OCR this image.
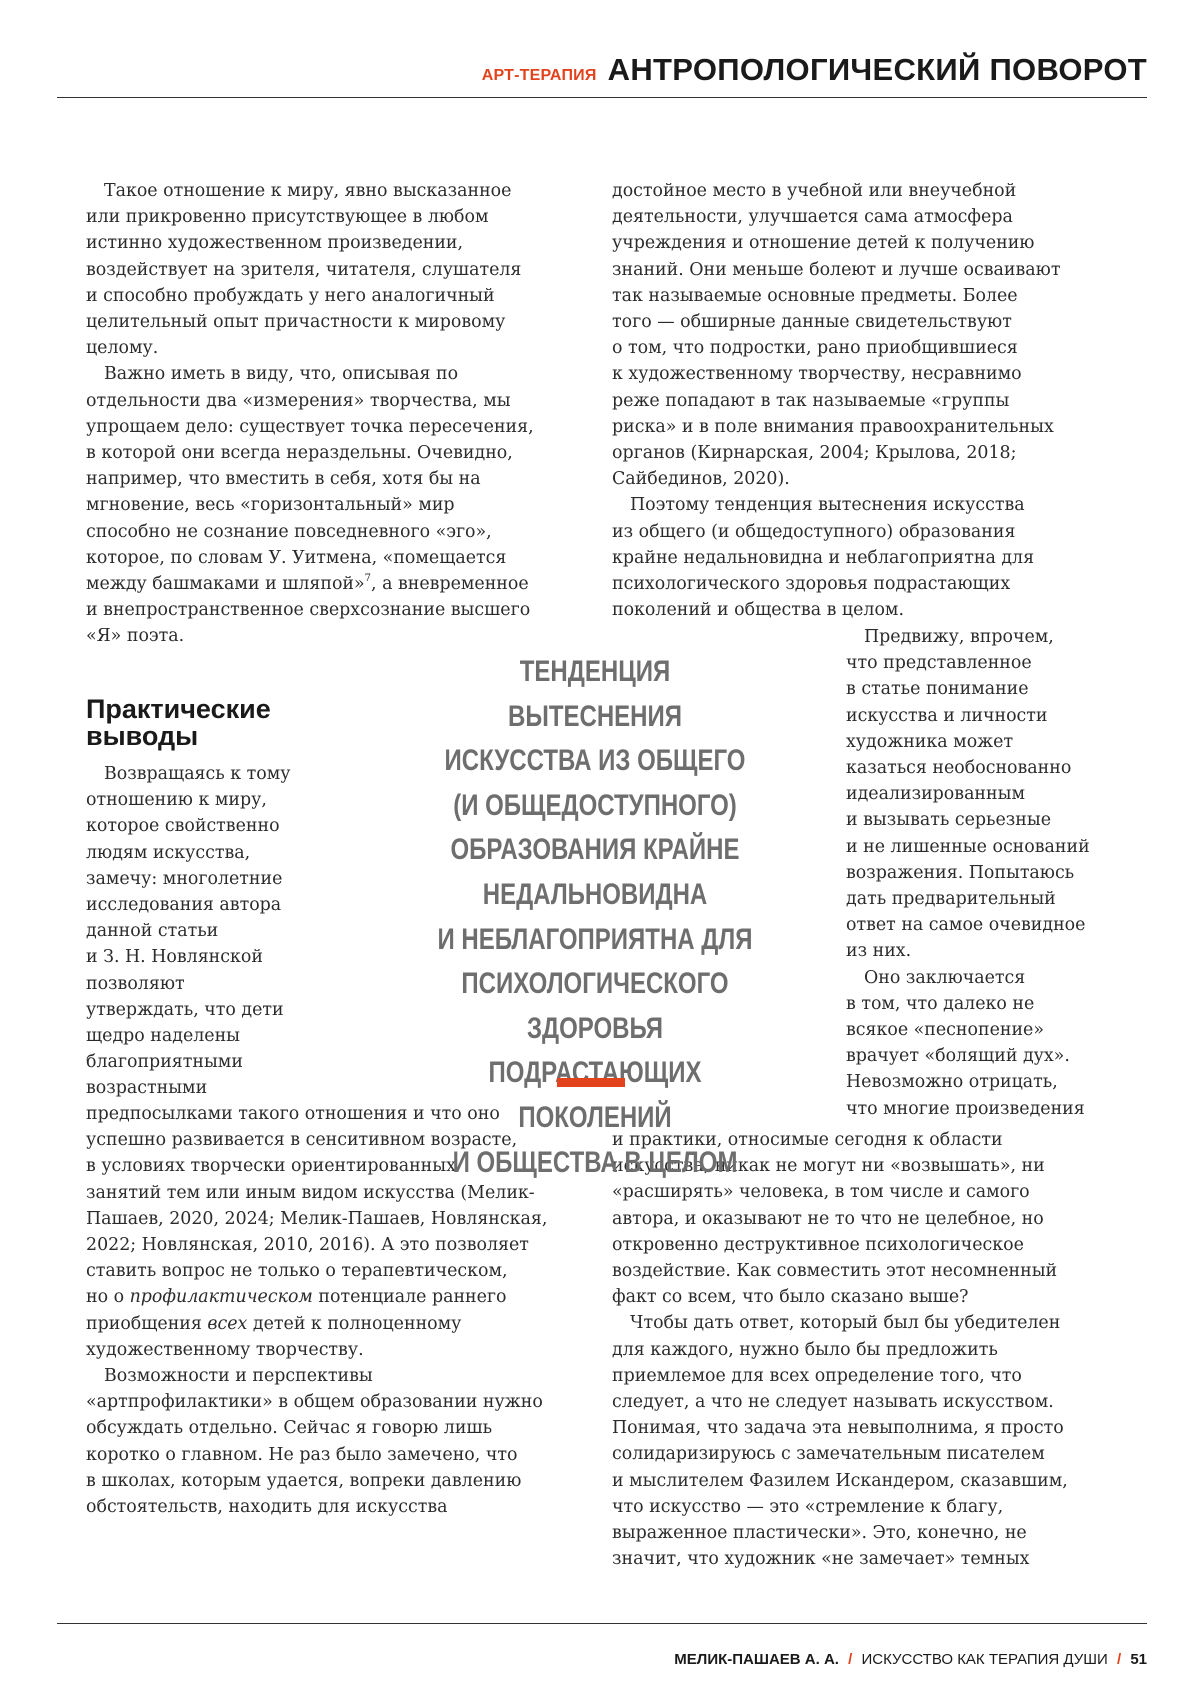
АРТ-ТЕРАПИЯ АНТРОПОЛОГИЧЕСКИЙ ПОВОРОТ

Такое отношение к миру, явно высказанное

или прикровенно присутствующее в любом

истинно художественном произведении,

воздействует на зрителя, читателя, слушателя

и способно пробуждать у него аналогичный

целительный опыт причастности к мировому

целому.

Важно иметь в виду, что, описывая по

отдельности два «измерения» творчества, мы

упрощаем дело: существует точка пересечения,

в которой они всегда нераздельны. Очевидно,

например, что вместить в себя, хотя бы на

мгновение, весь «горизонтальный» мир

способно не сознание повседневного «эго»,

которое, по словам У. Уитмена, «помещается

между башмаками и шляпой»7, а вневременное

и внепространственное сверхсознание высшего

«Я» поэта.

Практические
выводы

Возвращаясь к тому

отношению к миру,

которое свойственно

людям искусства,

замечу: многолетние

исследования автора

данной статьи

и З. Н. Новлянской

позволяют

утверждать, что дети

щедро наделены

благоприятными

возрастными

предпосылками такого отношения и что оно

успешно развивается в сенситивном возрасте,

в условиях творчески ориентированных

занятий тем или иным видом искусства (Мелик-

Пашаев, 2020, 2024; Мелик-Пашаев, Новлянская,

2022; Новлянская, 2010, 2016). А это позволяет

ставить вопрос не только о терапевтическом,

но о профилактическом потенциале раннего

приобщения всех детей к полноценному

художественному творчеству.

Возможности и перспективы

«артпрофилактики» в общем образовании нужно

обсуждать отдельно. Сейчас я говорю лишь

коротко о главном. Не раз было замечено, что

в школах, которым удается, вопреки давлению

обстоятельств, находить для искусства

достойное место в учебной или внеучебной

деятельности, улучшается сама атмосфера

учреждения и отношение детей к получению

знаний. Они меньше болеют и лучше осваивают

так называемые основные предметы. Более

того — обширные данные свидетельствуют

о том, что подростки, рано приобщившиеся

к художественному творчеству, несравнимо

реже попадают в так называемые «группы

риска» и в поле внимания правоохранительных

органов (Кирнарская, 2004; Крылова, 2018;

Сайбединов, 2020).

Поэтому тенденция вытеснения искусства

из общего (и общедоступного) образования

крайне недальновидна и неблагоприятна для

психологического здоровья подрастающих

поколений и общества в целом.

Предвижу, впрочем,

что представленное

в статье понимание

искусства и личности

художника может

казаться необоснованно

идеализированным

и вызывать серьезные

и не лишенные оснований

возражения. Попытаюсь

дать предварительный

ответ на самое очевидное

из них.

Оно заключается

в том, что далеко не

всякое «песнопение»

врачует «болящий дух».

Невозможно отрицать,

что многие произведения

и практики, относимые сегодня к области

искусства, никак не могут ни «возвышать», ни

«расширять» человека, в том числе и самого

автора, и оказывают не то что не целебное, но

откровенно деструктивное психологическое

воздействие. Как совместить этот несомненный

факт со всем, что было сказано выше?

Чтобы дать ответ, который был бы убедителен

для каждого, нужно было бы предложить

приемлемое для всех определение того, что

следует, а что не следует называть искусством.

Понимая, что задача эта невыполнима, я просто

солидаризируюсь с замечательным писателем

и мыслителем Фазилем Искандером, сказавшим,

что искусство — это «стремление к благу,

выраженное пластически». Это, конечно, не

значит, что художник «не замечает» темных

ТЕНДЕНЦИЯ ВЫТЕСНЕНИЯ
ИСКУССТВА ИЗ ОБЩЕГО
(И ОБЩЕДОСТУПНОГО)
ОБРАЗОВАНИЯ КРАЙНЕ
НЕДАЛЬНОВИДНА
И НЕБЛАГОПРИЯТНА ДЛЯ
ПСИХОЛОГИЧЕСКОГО ЗДОРОВЬЯ
ПОДРАСТАЮЩИХ ПОКОЛЕНИЙ
И ОБЩЕСТВА В ЦЕЛОМ
МЕЛИК-ПАШАЕВ А. А. / ИСКУССТВО КАК ТЕРАПИЯ ДУШИ / 51
